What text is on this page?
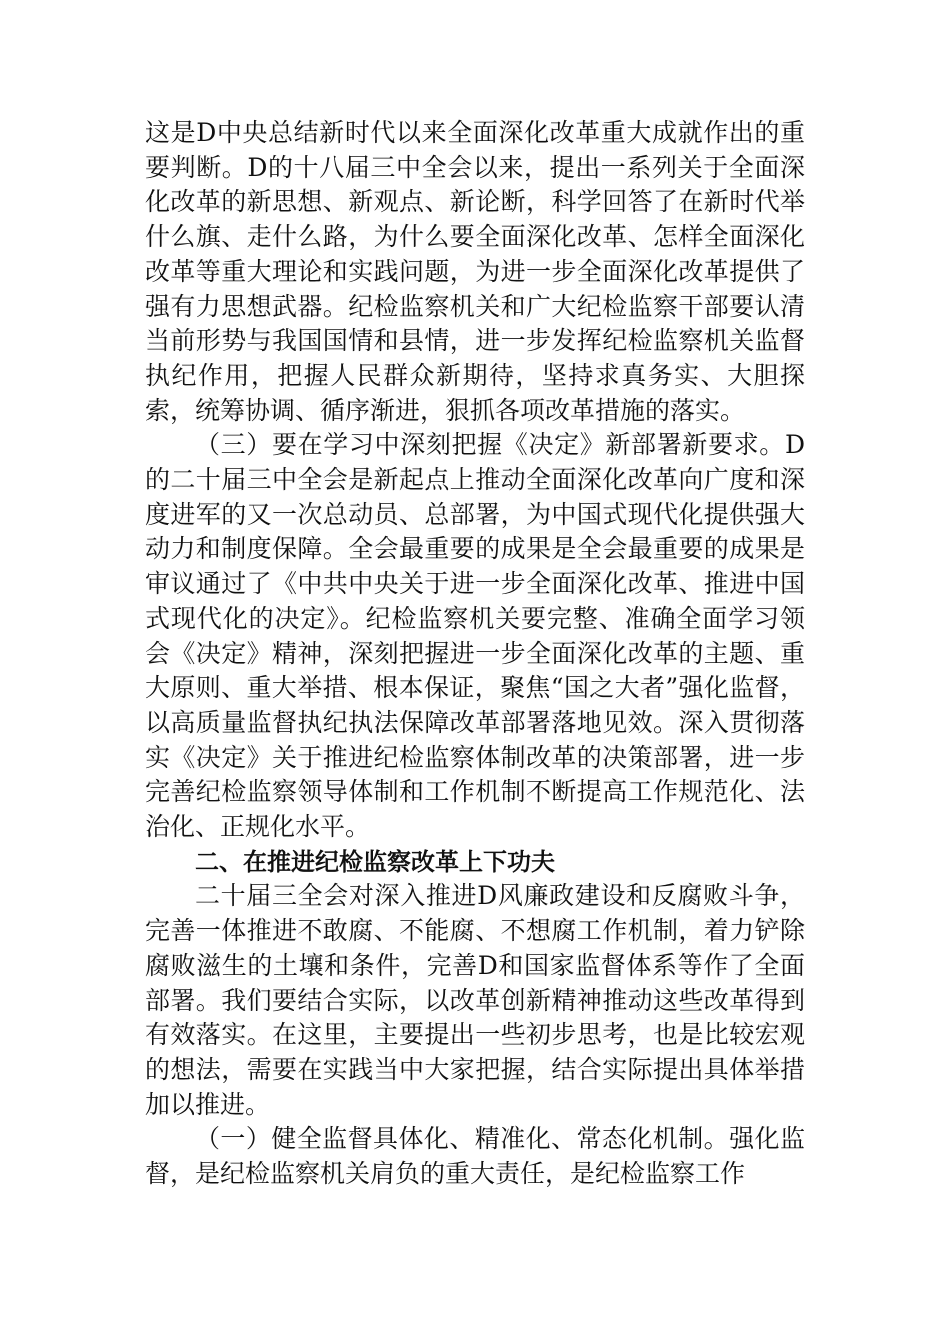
这是D中央总结新时代以来全面深化改革重大成就作出的重要判断。D的十八届三中全会以来，提出一系列关于全面深化改革的新思想、新观点、新论断，科学回答了在新时代举什么旗、走什么路，为什么要全面深化改革、怎样全面深化改革等重大理论和实践问题，为进一步全面深化改革提供了强有力思想武器。纪检监察机关和广大纪检监察干部要认清当前形势与我国国情和县情，进一步发挥纪检监察机关监督执纪作用，把握人民群众新期待，坚持求真务实、大胆探索，统筹协调、循序渐进，狠抓各项改革措施的落实。

（三）要在学习中深刻把握《决定》新部署新要求。D的二十届三中全会是新起点上推动全面深化改革向广度和深度进军的又一次总动员、总部署，为中国式现代化提供强大动力和制度保障。全会最重要的成果是全会最重要的成果是审议通过了《中共中央关于进一步全面深化改革、推进中国式现代化的决定》。纪检监察机关要完整、准确全面学习领会《决定》精神，深刻把握进一步全面深化改革的主题、重大原则、重大举措、根本保证，聚焦“国之大者”强化监督，以高质量监督执纪执法保障改革部署落地见效。深入贯彻落实《决定》关于推进纪检监察体制改革的决策部署，进一步完善纪检监察领导体制和工作机制不断提高工作规范化、法治化、正规化水平。

二、在推进纪检监察改革上下功夫

二十届三全会对深入推进D风廉政建设和反腐败斗争，完善一体推进不敢腐、不能腐、不想腐工作机制，着力铲除腐败滋生的土壤和条件，完善D和国家监督体系等作了全面部署。我们要结合实际，以改革创新精神推动这些改革得到有效落实。在这里，主要提出一些初步思考，也是比较宏观的想法，需要在实践当中大家把握，结合实际提出具体举措加以推进。

（一）健全监督具体化、精准化、常态化机制。强化监督，是纪检监察机关肩负的重大责任，是纪检监察工作
